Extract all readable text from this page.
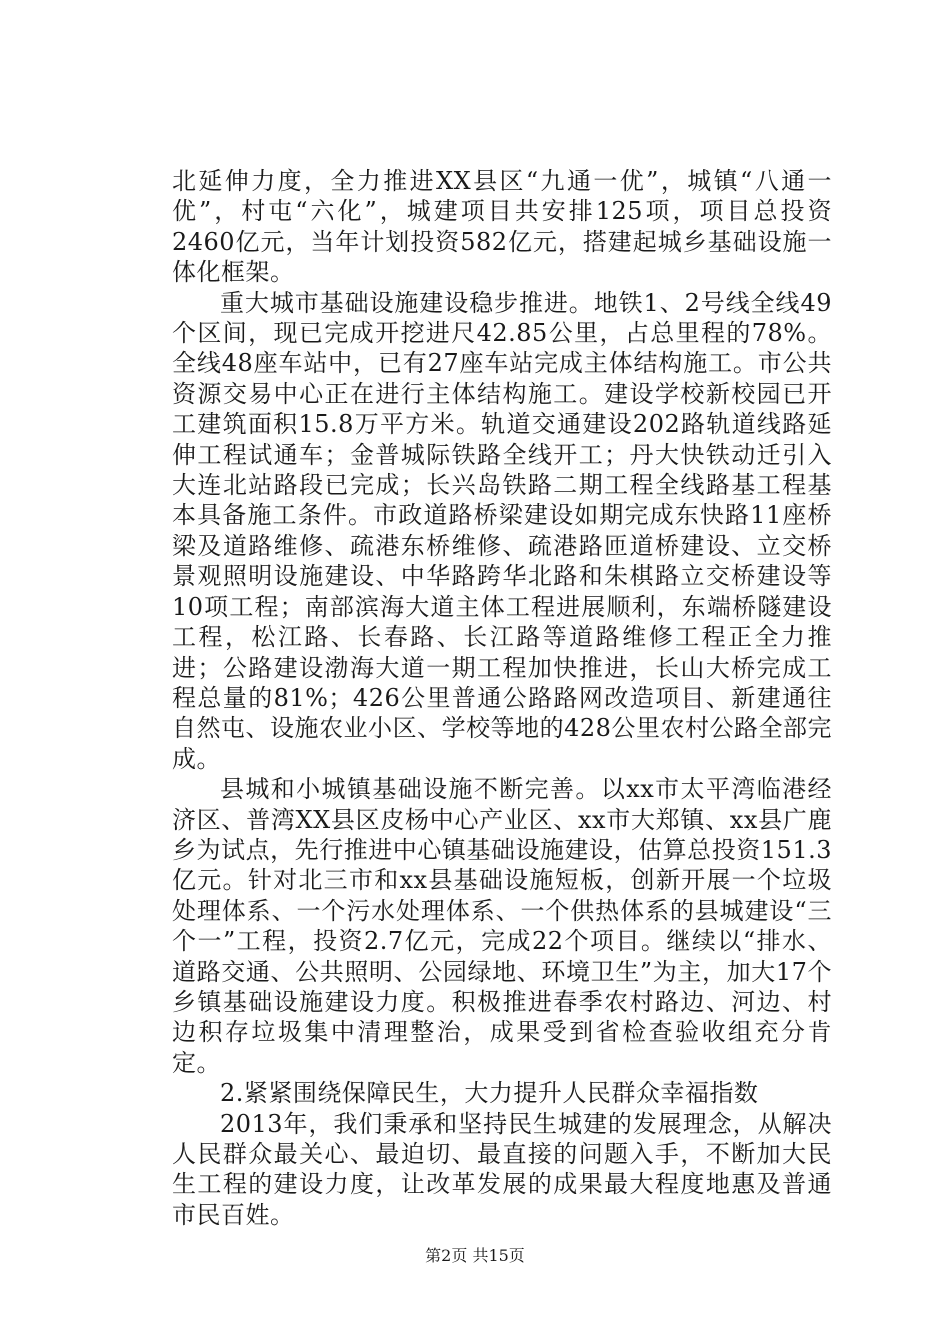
北延伸力度，全力推进XX县区“九通一优”，城镇“八通一优”，村屯“六化”，城建项目共安排125项，项目总投资2460亿元，当年计划投资582亿元，搭建起城乡基础设施一体化框架。

重大城市基础设施建设稳步推进。地铁1、2号线全线49个区间，现已完成开挖进尺42.85公里，占总里程的78%。全线48座车站中，已有27座车站完成主体结构施工。市公共资源交易中心正在进行主体结构施工。建设学校新校园已开工建筑面积15.8万平方米。轨道交通建设202路轨道线路延伸工程试通车；金普城际铁路全线开工；丹大快铁动迁引入大连北站路段已完成；长兴岛铁路二期工程全线路基工程基本具备施工条件。市政道路桥梁建设如期完成东快路11座桥梁及道路维修、疏港东桥维修、疏港路匝道桥建设、立交桥景观照明设施建设、中华路跨华北路和朱棋路立交桥建设等10项工程；南部滨海大道主体工程进展顺利，东端桥隧建设工程，松江路、长春路、长江路等道路维修工程正全力推进；公路建设渤海大道一期工程加快推进，长山大桥完成工程总量的81%；426公里普通公路路网改造项目、新建通往自然屯、设施农业小区、学校等地的428公里农村公路全部完成。

县城和小城镇基础设施不断完善。以xx市太平湾临港经济区、普湾XX县区皮杨中心产业区、xx市大郑镇、xx县广鹿乡为试点，先行推进中心镇基础设施建设，估算总投资151.3亿元。针对北三市和xx县基础设施短板，创新开展一个垃圾处理体系、一个污水处理体系、一个供热体系的县城建设“三个一”工程，投资2.7亿元，完成22个项目。继续以“排水、道路交通、公共照明、公园绿地、环境卫生”为主，加大17个乡镇基础设施建设力度。积极推进春季农村路边、河边、村边积存垃圾集中清理整治，成果受到省检查验收组充分肯定。

2.紧紧围绕保障民生，大力提升人民群众幸福指数

2013年，我们秉承和坚持民生城建的发展理念，从解决人民群众最关心、最迫切、最直接的问题入手，不断加大民生工程的建设力度，让改革发展的成果最大程度地惠及普通市民百姓。

第2页 共15页
